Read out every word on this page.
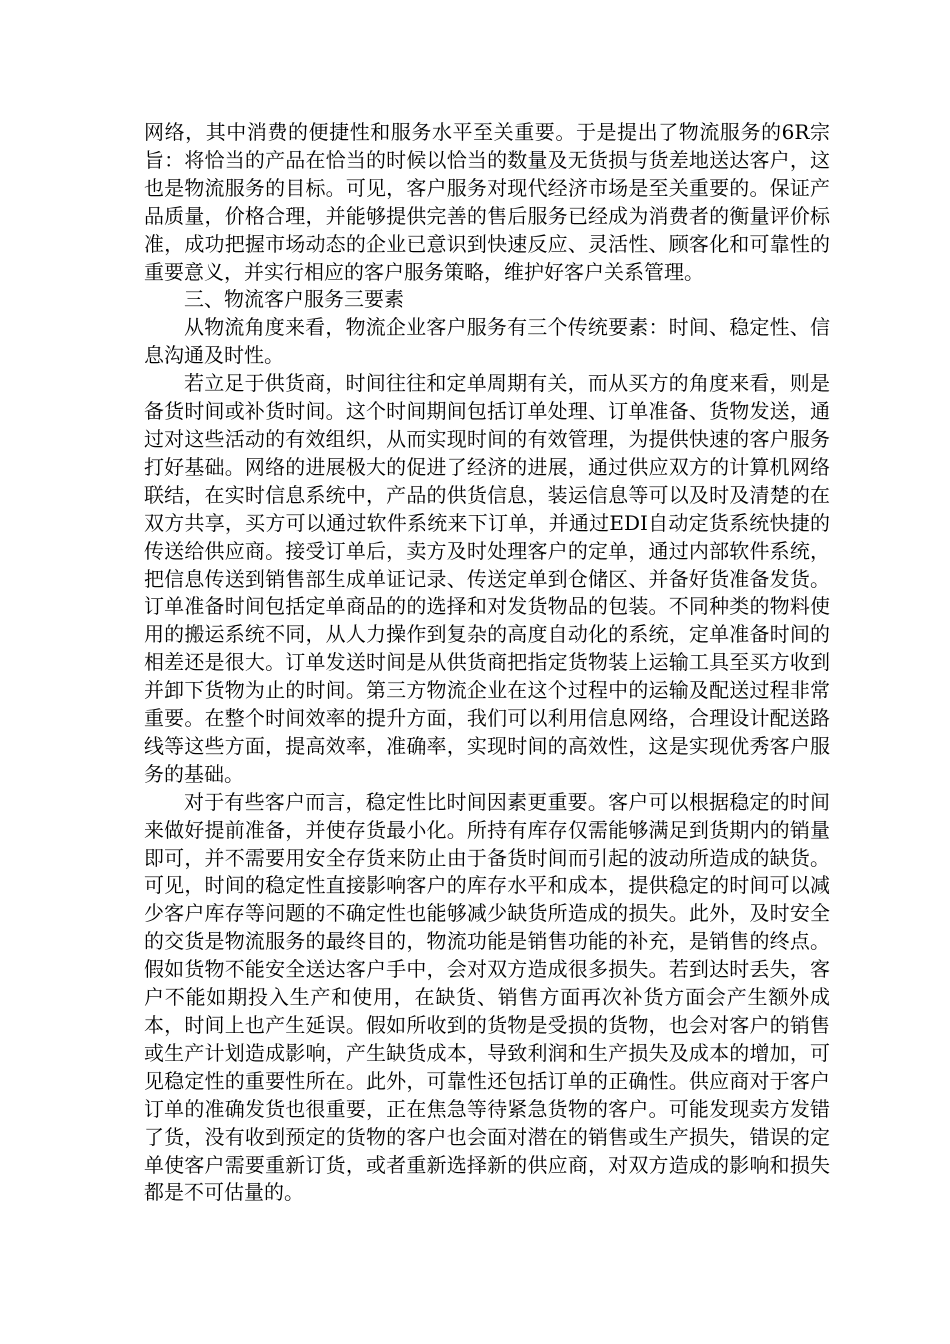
网络，其中消费的便捷性和服务水平至关重要。于是提出了物流服务的6R宗旨：将恰当的产品在恰当的时候以恰当的数量及无货损与货差地送达客户，这也是物流服务的目标。可见，客户服务对现代经济市场是至关重要的。保证产品质量，价格合理，并能够提供完善的售后服务已经成为消费者的衡量评价标准，成功把握市场动态的企业已意识到快速反应、灵活性、顾客化和可靠性的重要意义，并实行相应的客户服务策略，维护好客户关系管理。

三、物流客户服务三要素

从物流角度来看，物流企业客户服务有三个传统要素：时间、稳定性、信息沟通及时性。

若立足于供货商，时间往往和定单周期有关，而从买方的角度来看，则是备货时间或补货时间。这个时间期间包括订单处理、订单准备、货物发送，通过对这些活动的有效组织，从而实现时间的有效管理，为提供快速的客户服务打好基础。网络的进展极大的促进了经济的进展，通过供应双方的计算机网络联结，在实时信息系统中，产品的供货信息，装运信息等可以及时及清楚的在双方共享，买方可以通过软件系统来下订单，并通过EDI自动定货系统快捷的传送给供应商。接受订单后，卖方及时处理客户的定单，通过内部软件系统，把信息传送到销售部生成单证记录、传送定单到仓储区、并备好货准备发货。订单准备时间包括定单商品的的选择和对发货物品的包装。不同种类的物料使用的搬运系统不同，从人力操作到复杂的高度自动化的系统，定单准备时间的相差还是很大。订单发送时间是从供货商把指定货物装上运输工具至买方收到并卸下货物为止的时间。第三方物流企业在这个过程中的运输及配送过程非常重要。在整个时间效率的提升方面，我们可以利用信息网络，合理设计配送路线等这些方面，提高效率，准确率，实现时间的高效性，这是实现优秀客户服务的基础。

对于有些客户而言，稳定性比时间因素更重要。客户可以根据稳定的时间来做好提前准备，并使存货最小化。所持有库存仅需能够满足到货期内的销量即可，并不需要用安全存货来防止由于备货时间而引起的波动所造成的缺货。可见，时间的稳定性直接影响客户的库存水平和成本，提供稳定的时间可以减少客户库存等问题的不确定性也能够减少缺货所造成的损失。此外，及时安全的交货是物流服务的最终目的，物流功能是销售功能的补充，是销售的终点。假如货物不能安全送达客户手中，会对双方造成很多损失。若到达时丢失，客户不能如期投入生产和使用，在缺货、销售方面再次补货方面会产生额外成本，时间上也产生延误。假如所收到的货物是受损的货物，也会对客户的销售或生产计划造成影响，产生缺货成本，导致利润和生产损失及成本的增加，可见稳定性的重要性所在。此外，可靠性还包括订单的正确性。供应商对于客户订单的准确发货也很重要，正在焦急等待紧急货物的客户。可能发现卖方发错了货，没有收到预定的货物的客户也会面对潜在的销售或生产损失，错误的定单使客户需要重新订货，或者重新选择新的供应商，对双方造成的影响和损失都是不可估量的。
